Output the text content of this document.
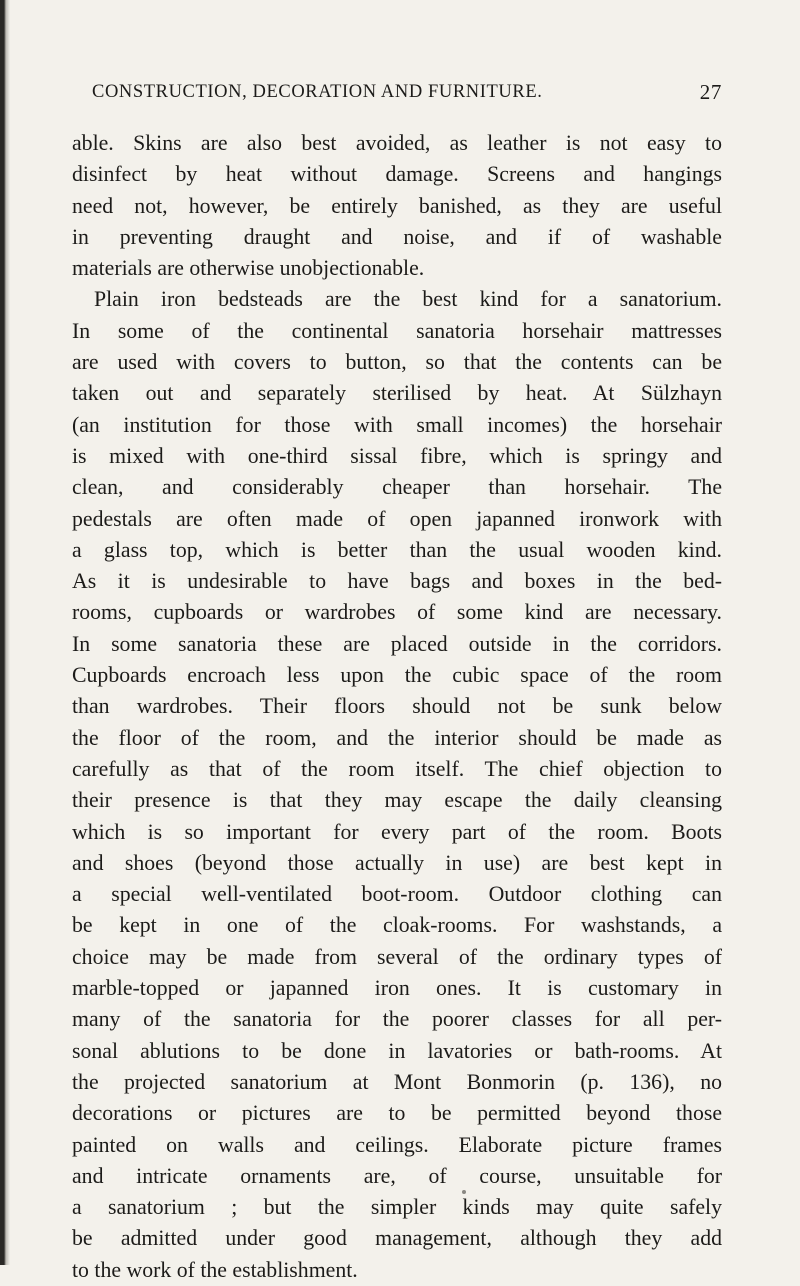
CONSTRUCTION, DECORATION AND FURNITURE.	27
able. Skins are also best avoided, as leather is not easy to
disinfect by heat without damage. Screens and hangings
need not, however, be entirely banished, as they are useful
in preventing draught and noise, and if of washable
materials are otherwise unobjectionable.
Plain iron bedsteads are the best kind for a sanatorium.
In some of the continental sanatoria horsehair mattresses
are used with covers to button, so that the contents can be
taken out and separately sterilised by heat. At Sülzhayn
(an institution for those with small incomes) the horsehair
is mixed with one-third sissal fibre, which is springy and
clean, and considerably cheaper than horsehair. The
pedestals are often made of open japanned ironwork with
a glass top, which is better than the usual wooden kind.
As it is undesirable to have bags and boxes in the bed-
rooms, cupboards or wardrobes of some kind are necessary.
In some sanatoria these are placed outside in the corridors.
Cupboards encroach less upon the cubic space of the room
than wardrobes. Their floors should not be sunk below
the floor of the room, and the interior should be made as
carefully as that of the room itself. The chief objection to
their presence is that they may escape the daily cleansing
which is so important for every part of the room. Boots
and shoes (beyond those actually in use) are best kept in
a special well-ventilated boot-room. Outdoor clothing can
be kept in one of the cloak-rooms. For washstands, a
choice may be made from several of the ordinary types of
marble-topped or japanned iron ones. It is customary in
many of the sanatoria for the poorer classes for all per-
sonal ablutions to be done in lavatories or bath-rooms. At
the projected sanatorium at Mont Bonmorin (p. 136), no
decorations or pictures are to be permitted beyond those
painted on walls and ceilings. Elaborate picture frames
and intricate ornaments are, of course, unsuitable for
a sanatorium ; but the simpler kinds may quite safely
be admitted under good management, although they add
to the work of the establishment.
